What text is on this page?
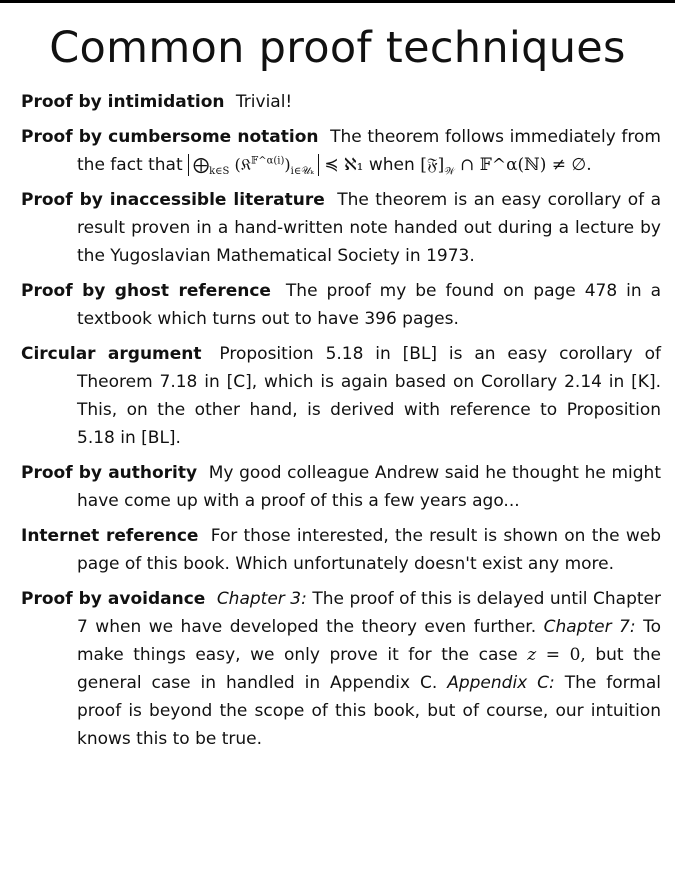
Common proof techniques

Proof by intimidation Trivial!

Proof by cumbersome notation The theorem follows immediately from the fact that $⨁_{k\in S}$ $(𝔎^{𝔽\^{}\alpha(i)})_{i\in 𝒰_k}$ ≼ ℵ₁ when $[𝔉]_𝒲$ ∩ 𝔽^α(ℕ) ≠ ∅.

Proof by inaccessible literature The theorem is an easy corollary of a result proven in a hand-written note handed out during a lecture by the Yugoslavian Mathematical Society in 1973.

Proof by ghost reference The proof my be found on page 478 in a textbook which turns out to have 396 pages.

Circular argument Proposition 5.18 in [BL] is an easy corollary of Theorem 7.18 in [C], which is again based on Corollary 2.14 in [K]. This, on the other hand, is derived with reference to Proposition 5.18 in [BL].

Proof by authority My good colleague Andrew said he thought he might have come up with a proof of this a few years ago...

Internet reference For those interested, the result is shown on the web page of this book. Which unfortunately doesn't exist any more.

Proof by avoidance Chapter 3: The proof of this is delayed until Chapter 7 when we have developed the theory even further. Chapter 7: To make things easy, we only prove it for the case z = 0, but the general case in handled in Appendix C. Appendix C: The formal proof is beyond the scope of this book, but of course, our intuition knows this to be true.
